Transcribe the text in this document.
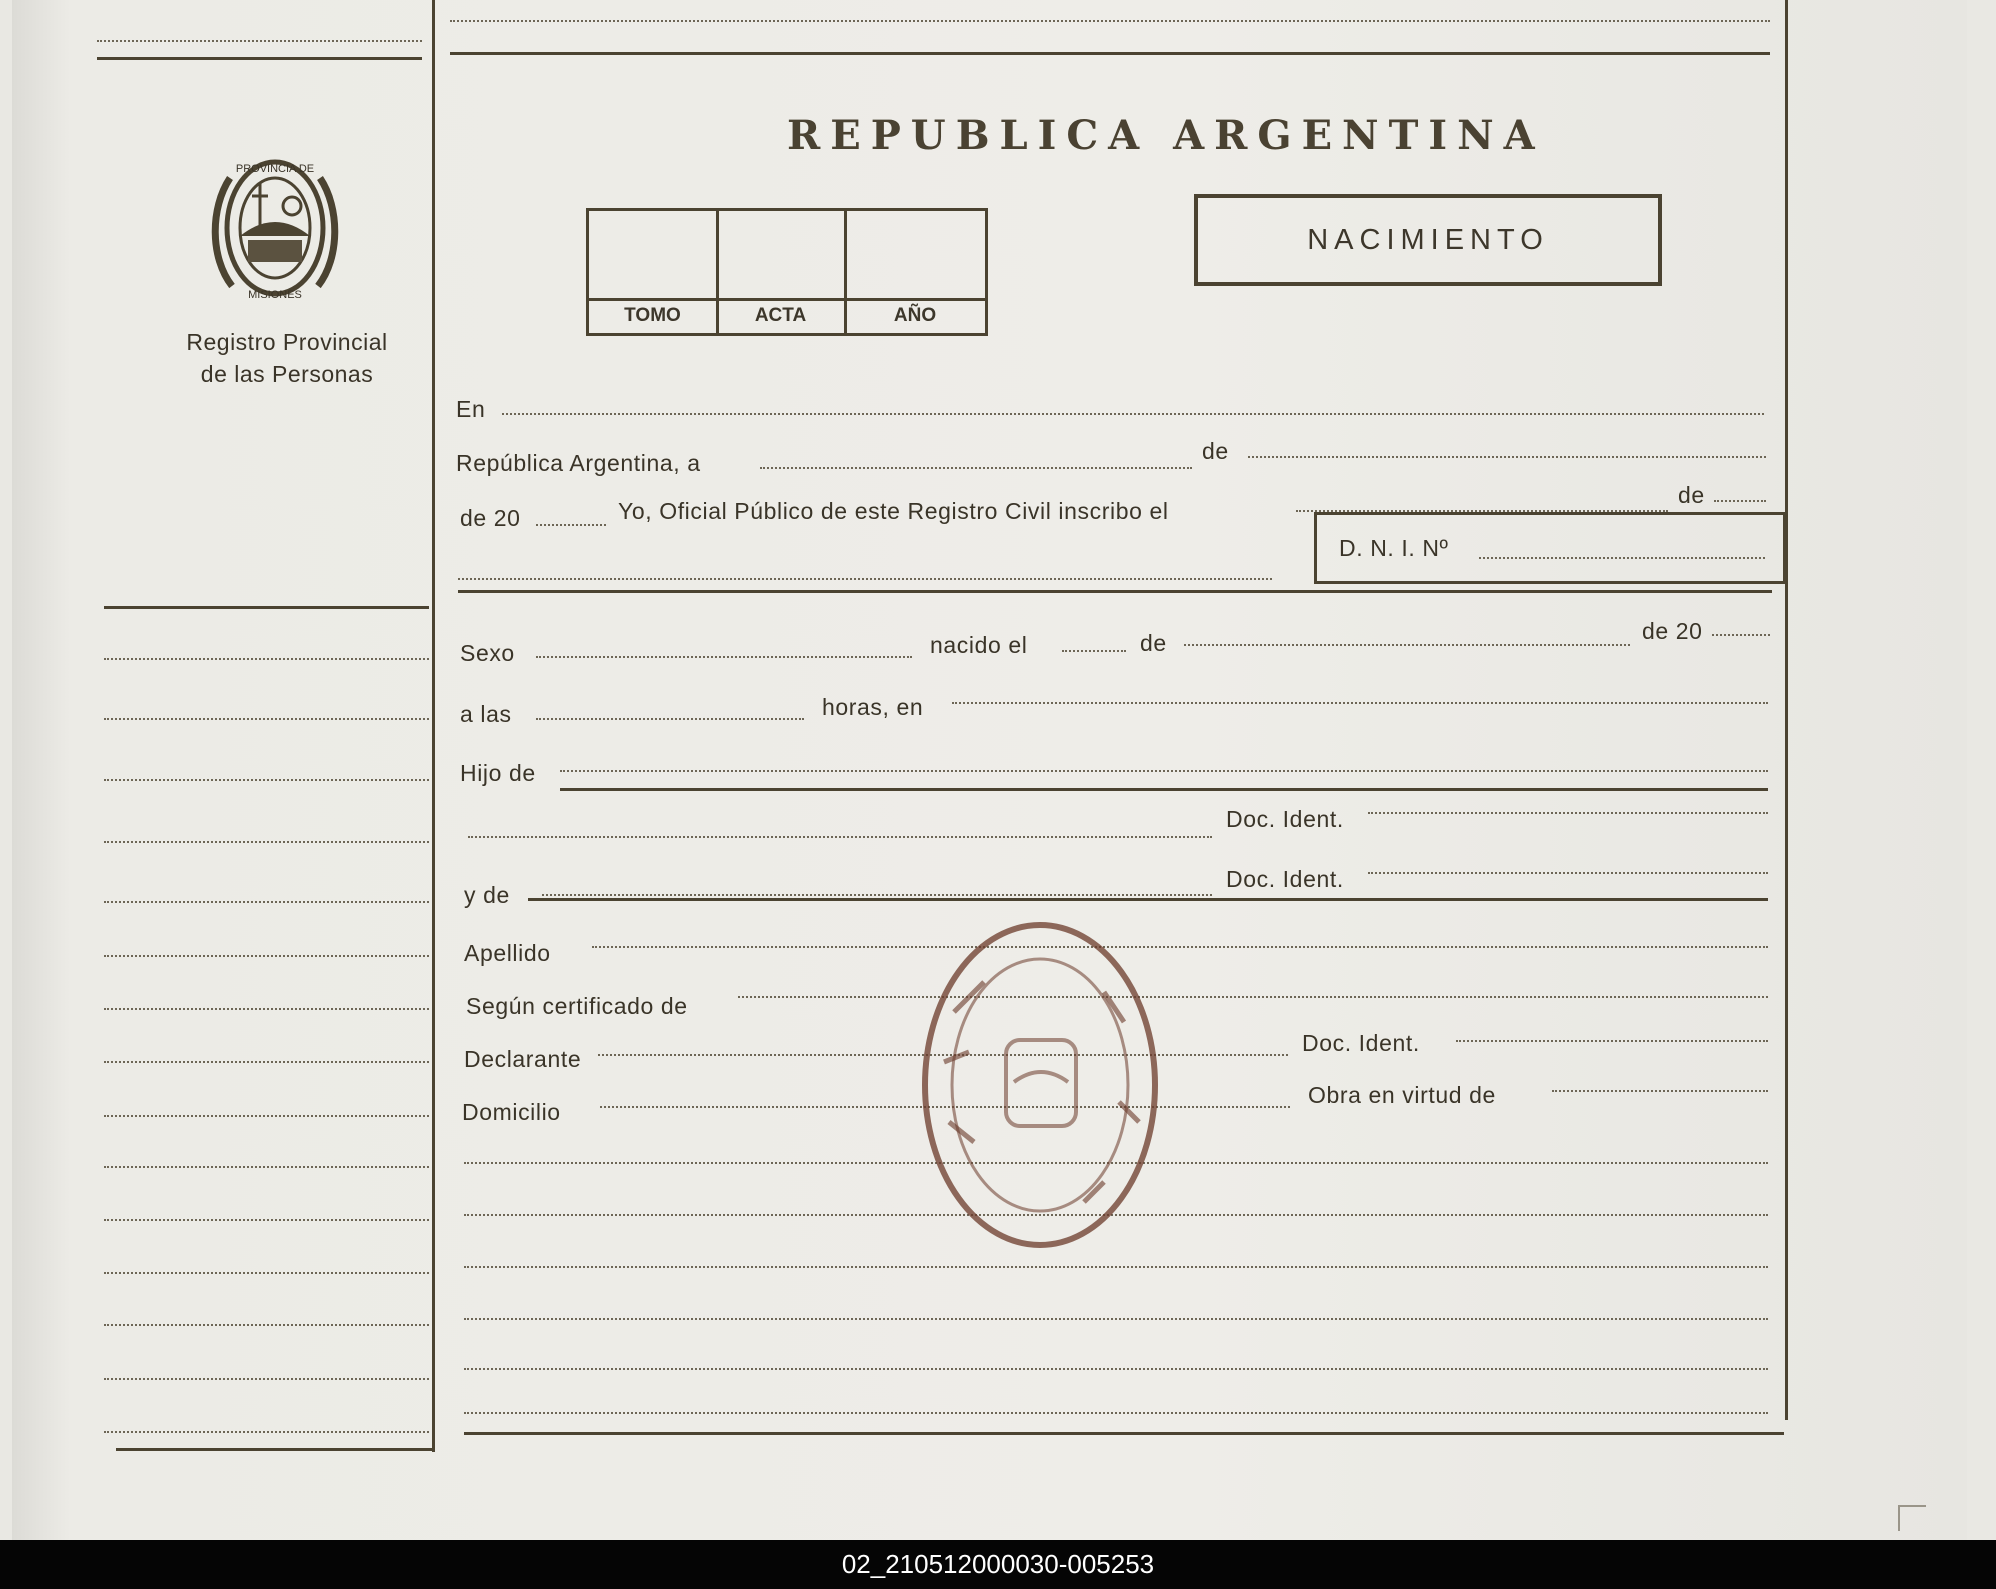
PROVINCIA DE
MISIONES
Registro Provincial
de las Personas
REPUBLICA ARGENTINA
TOMO	ACTA	AÑO
NACIMIENTO
En
República Argentina, a	de
de 20	Yo, Oficial Público de este Registro Civil inscribo el
de
D. N. I. Nº
Sexo	nacido el	de	de 20
a las	horas, en
Hijo de
Doc. Ident.
y de
Doc. Ident.
Apellido
Según certificado de
Declarante
Doc. Ident.
Domicilio
Obra en virtud de
02_210512000030-005253
